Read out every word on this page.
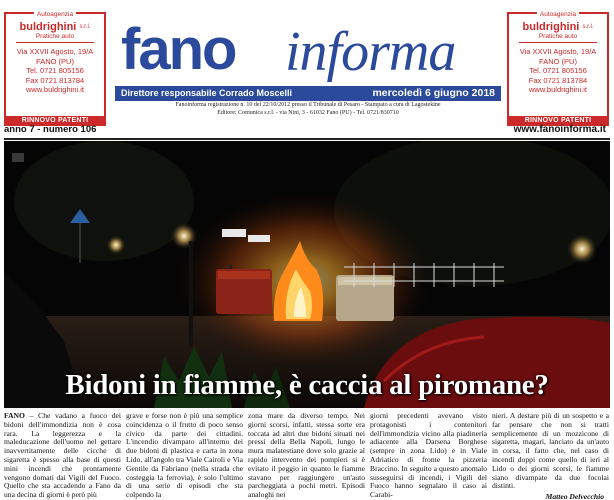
Autoagenzia
buldrighini s.r.l.
Pratiche auto
Via XXVII Agosto, 19/A
FANO (PU)
Tel. 0721 805156
Fax 0721 813784
www.buldrighini.it
RINNOVO PATENTI
fano informa
Autoagenzia
buldrighini s.r.l.
Pratiche auto
Via XXVII Agosto, 19/A
FANO (PU)
Tel. 0721 805156
Fax 0721 813784
www.buldrighini.it
RINNOVO PATENTI
Direttore responsabile Corrado Moscelli	mercoledì 6 giugno 2018
Fanoinforma registrazione n. 10 del 22/10/2012 presso il Tribunale di Pesaro - Stampato a cura di Lagostekine
Editore: Comunica s.r.l. - via Nini, 3 - 61032 Fano (PU) - Tel. 0721/830710
anno 7 - numero 106	www.fanoinforma.it
Bidoni in fiamme, è caccia al piromane?
FANO – Che vadano a fuoco dei bidoni dell'immondizia non è cosa rara. La leggerezza e la maleducazione dell'uomo nel gettare inavvertitamente delle cicche di sigaretta è spesso alla base di questi mini incendi che prontamente vengono domati dai Vigili del Fuoco. Quello che sta accadendo a Fano da una decina di giorni è però più
grave e forse non è più una semplice coincidenza o il frutto di poco senso civico da parte dei cittadini. L'incendio divampato all'interno dei due bidoni di plastica e carta in zona Lido, all'angolo tra Viale Cairoli e Via Gentile da Fabriano (nella strada che costeggia la ferrovia), è solo l'ultimo di una serie di episodi che sta colpendo la
zona mare da diverso tempo. Nei giorni scorsi, infatti, stessa sorte era toccata ad altri due bidoni situati nei pressi della Bella Napoli, lungo le mura malatestiane dove solo grazie al rapido intervento dei pompieri si è evitato il peggio in quanto le fiamme stavano per raggiungere un'auto parcheggiata a pochi metri. Episodi analoghi nei
giorni precedenti avevano visto protagonisti i contenitori dell'immondizia vicino alla piadineria adiacente alla Darsena Borghese (sempre in zona Lido) e in Viale Adriatico di fronte la pizzeria Braccino. In seguito a questo anomalo susseguirsi di incendi, i Vigili del Fuoco hanno segnalato il caso ai Carabi-
nieri. A destare più di un sospetto e a far pensare che non si tratti semplicemente di un mozzicone di sigaretta, magari, lanciato da un'auto in corsa, il fatto che, nel caso di incendi doppi come quello di ieri al Lido o dei giorni scorsi, le fiamme siano divampate da due focolai distinti.
Matteo Delvecchio
